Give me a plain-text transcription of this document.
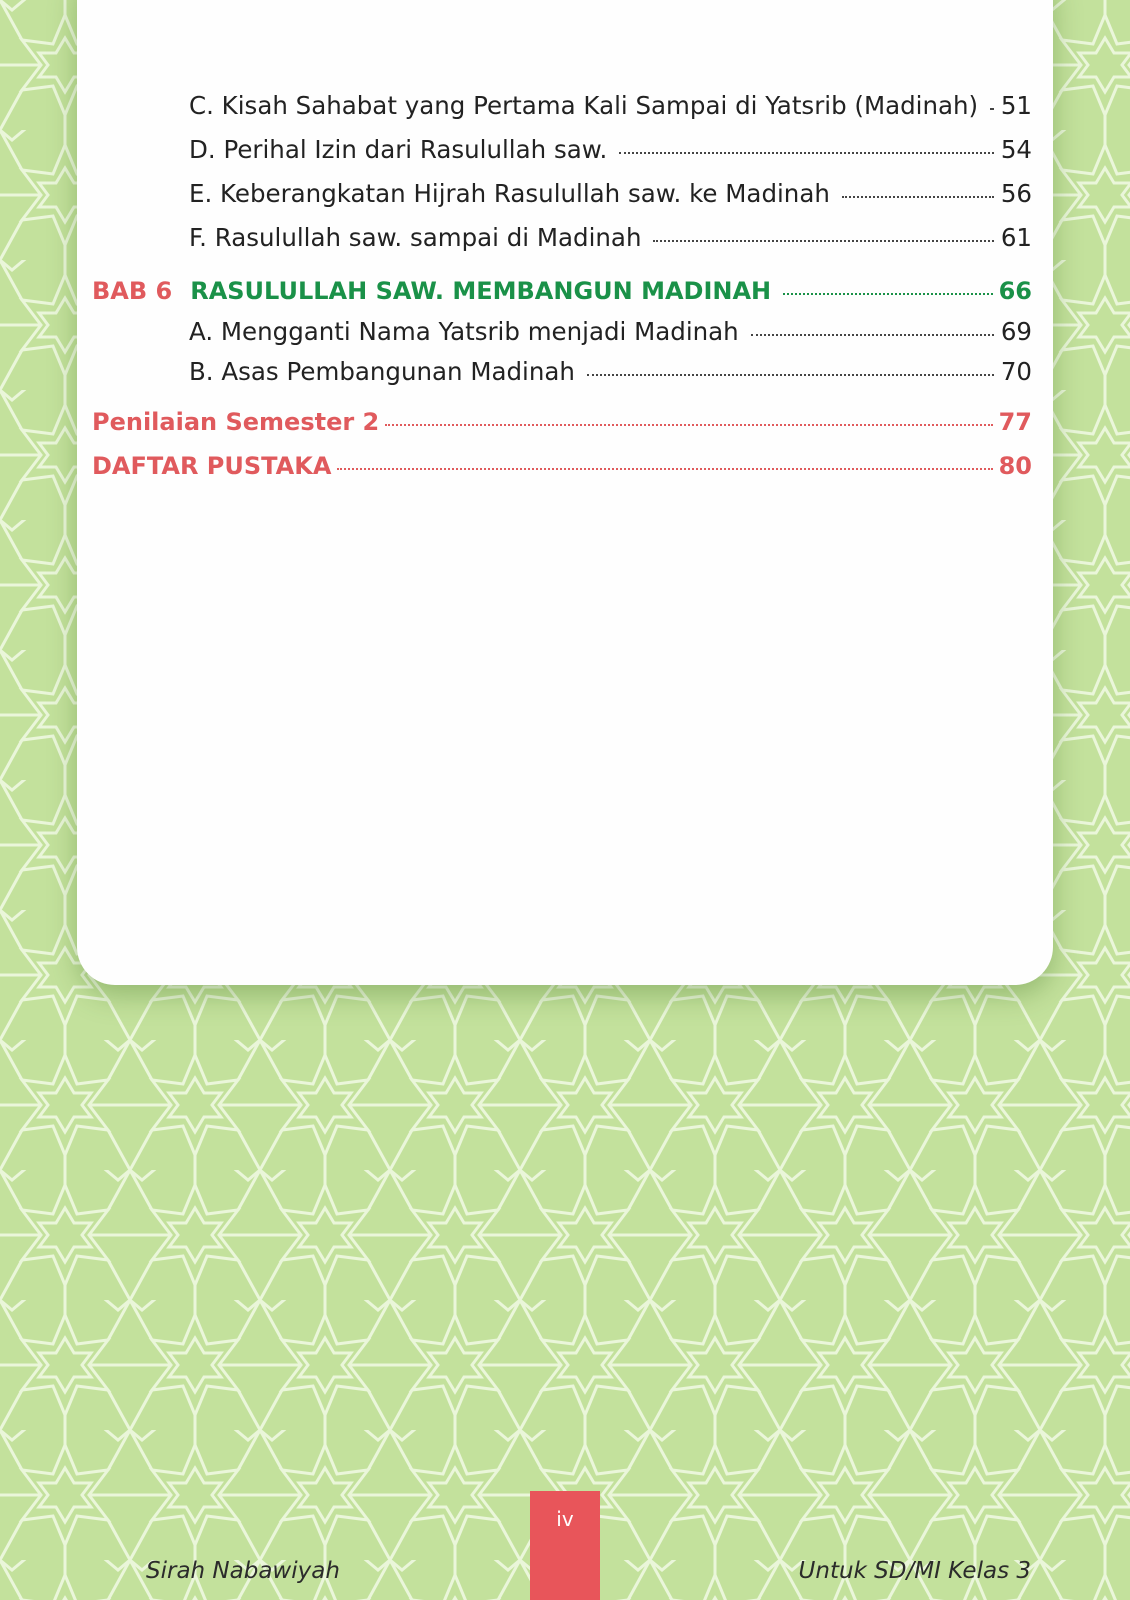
C. Kisah Sahabat yang Pertama Kali Sampai di Yatsrib (Madinah) 51
D. Perihal Izin dari Rasulullah saw.	54
E. Keberangkatan Hijrah Rasulullah saw. ke Madinah	56
F. Rasulullah saw. sampai di Madinah	61
BAB 6 RASULULLAH SAW. MEMBANGUN MADINAH	66
A. Mengganti Nama Yatsrib menjadi Madinah	69
B. Asas Pembangunan Madinah	70
Penilaian Semester 2	77
DAFTAR PUSTAKA	80
iv
Sirah Nabawiyah	Untuk SD/MI Kelas 3
